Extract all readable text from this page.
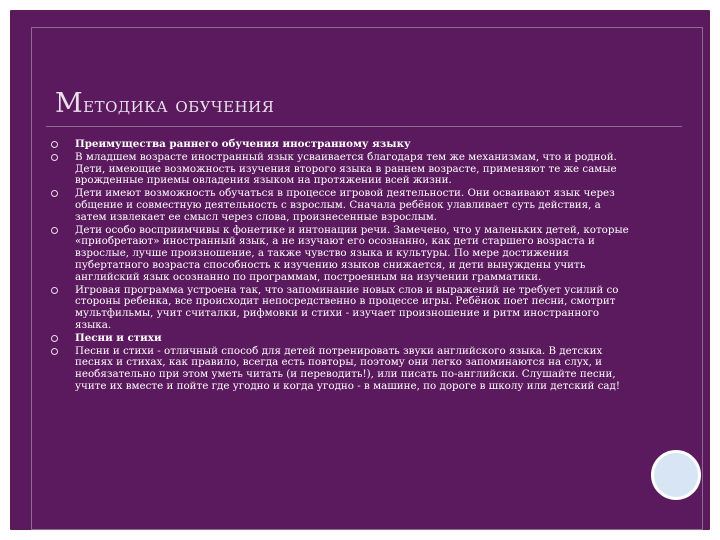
Методика обучения
Преимущества раннего обучения иностранному языку
В младшем возрасте иностранный язык усваивается благодаря тем же механизмам, что и родной. Дети, имеющие возможность изучения второго языка в раннем возрасте, применяют те же самые врожденные приемы овладения языком на протяжении всей жизни.
Дети имеют возможность обучаться в процессе игровой деятельности. Они осваивают язык через общение и совместную деятельность с взрослым. Сначала ребёнок улавливает суть действия, а затем извлекает ее смысл через слова, произнесенные взрослым.
Дети особо восприимчивы к фонетике и интонации речи. Замечено, что у маленьких детей, которые «приобретают» иностранный язык, а не изучают его осознанно, как дети старшего возраста и взрослые, лучше произношение, а также чувство языка и культуры. По мере достижения пубертатного возраста способность к изучению языков снижается, и дети вынуждены учить английский язык осознанно по программам, построенным на изучении грамматики.
Игровая программа устроена так, что запоминание новых слов и выражений не требует усилий со стороны ребенка, все происходит непосредственно в процессе игры. Ребёнок поет песни, смотрит мультфильмы, учит считалки, рифмовки и стихи - изучает произношение и ритм иностранного языка.
Песни и стихи
Песни и стихи - отличный способ для детей потренировать звуки английского языка. В детских песнях и стихах, как правило, всегда есть повторы, поэтому они легко запоминаются на слух, и необязательно при этом уметь читать (и переводить!), или писать по-английски. Слушайте песни, учите их вместе и пойте где угодно и когда угодно - в машине, по дороге в школу или детский сад!
